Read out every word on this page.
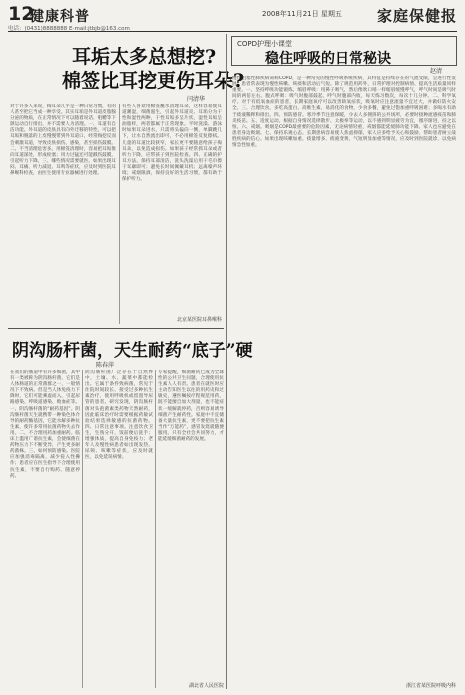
12
健康科普	2008年11月21日 星期五 家庭保健报
电话：(0431)8888888 E-mail:jtbjb@163.com
耳垢太多总想挖?
棉签比耳挖更伤耳朵?
闫清华
对于许多人来说，掏耳朵几乎是一种日常习惯，有的人甚至把它当成一种享受。其实耳垢是外耳道皮脂腺分泌的物质，在正常情况下可以随着说话、咀嚼等下颌运动自行排出，并不需要人为清理。一、耳道有自洁功能。外耳道的皮肤具有向外迁移的特性，可以把耳垢和脱落的上皮慢慢带到外耳道口，经常掏挖反而会刺激耳道，导致皮肤损伤、感染，甚至损伤鼓膜。二、不当清理危害多。用棉签清理时，容易把耳垢推向耳道深处，形成栓塞；用力过猛还可能戳伤鼓膜，引起听力下降。三、哪些情况需要就医。如果出现耳闷、耳痛、听力减退、耳鸣等症状，应及时到医院耳鼻喉科检查，由医生使用专业器械进行处理。
有些人喜欢用棉签蘸水清理耳朵，这样容易使耳道潮湿，细菌滋生，引起外耳道炎。耳垢分为干性和湿性两种，干性耳垢多呈片状，湿性耳垢呈油脂样，两者都属于正常现象。平时洗澡、游泳时如果耳朵进水，只需将头偏向一侧，单脚跳几下，让水自然流出即可，不必用棉签反复擦拭。儿童的耳道比较狭窄，家长更不要随意给孩子掏耳朵，以免造成损伤。如果孩子经常抓耳朵或者听力下降，应带孩子到医院检查。四、正确的护耳方法。保持耳部清洁，洗头洗澡后用干毛巾擦干耳廓即可；避免长时间佩戴耳机；远离噪声环境；戒烟限酒，保持良好的生活习惯，都有助于保护听力。
北京某医院耳鼻喉科
COPD护理小课堂
稳住呼吸的日常秘诀
赵清
慢性阻塞性肺疾病简称COPD，是一种常见的慢性呼吸系统疾病，其特征是持续存在的气流受限，呈进行性发展。患者常表现为慢性咳嗽、咳痰和活动后气短。除了规范用药外，日常护理对控制病情、提高生活质量同样重要。一、坚持呼吸功能锻炼。缩唇呼吸：用鼻子吸气，然后像吹口哨一样缩唇缓慢呼气，呼气时间是吸气时间的两倍左右。腹式呼吸：吸气时腹部鼓起，呼气时腹部内收，每天练习数次，每次十几分钟。二、科学氧疗。对于有低氧血症的患者，长期家庭氧疗可以改善缺氧症状，吸氧时应注意流量不宜过大，并做好防火安全。三、合理饮食。多吃高蛋白、高维生素、易消化的食物，少食多餐，避免过饱加重呼吸困难；多喝水有助于痰液稀释和排出。四、预防感冒。寒冷季节注意保暖，少去人多拥挤的公共场所，必要时接种流感疫苗和肺炎疫苗。五、适度运动。根据自身情况选择散步、太极拳等运动，以不感到明显疲劳为宜，循序渐进，持之以恒。六、戒烟。吸烟是COPD最重要的危险因素，无论病情轻重，戒烟都能延缓肺功能下降。家人也应避免在患者身边吸烟。七、保持乐观心态。长期患病容易使人焦虑抑郁，家人应多给予关心和鼓励，帮助患者树立战胜疾病的信心。如果出现咳嗽加重、痰量增多、痰液变黄、气短明显加重等情况，应及时到医院就诊，以免病情急性加重。
浙江省某医院呼吸内科
阴沟肠杆菌，天生耐药“底子”硬
陈春萍
在我们的肠道中有许多细菌，其中有一类被称为阴沟肠杆菌，它们是人体肠道的正常菌群之一，一般情况下不致病。但是当人体免疫力下降时，它们可能乘虚而入，引起尿路感染、呼吸道感染、败血症等。一、阴沟肠杆菌的“耐药基因”。阴沟肠杆菌天生就携带一种染色体介导的耐药酶基因，它能水解多种抗生素，使许多常用抗菌药物失去作用。二、不合理用药加重耐药。临床上滥用广谱抗生素，会使细菌在药物压力下不断变异，产生更多耐药菌株。三、如何预防感染。医院应加强消毒隔离，减少侵入性操作；患者应在医生指导下合理使用抗生素，不要自行购药、随意停药。
阴沟肠杆菌广泛存在于自然界中，土壤、水、蔬菜中都能检出。它属于条件致病菌，常见于住院时间较长、接受过多种抗生素治疗、使用呼吸机或留置导尿管的患者。研究发现，阴沟肠杆菌对头孢菌素类药物天然耐药，因此临床治疗时需要根据药敏试验结果选择敏感的抗菌药物。四、日常注意事项。注意饮食卫生，生熟分开，饭前便后洗手；增强体质，提高自身免疫力；老年人及慢性病患者如出现发热、尿频、咳嗽等症状，应及时就医，以免延误病情。
专家提醒，细菌耐药已成为全球性的公共卫生问题，合理使用抗生素人人有责。患者在就医时应主动告知医生以往的用药史和过敏史，遵医嘱按疗程规范用药，既不能擅自加大剂量，也不能症状一缓解就停药，否则容易诱导细菌产生耐药性。家庭中不宜储备大量抗生素，更不要把抗生素当作“万能药”，感冒发烧就随便服用。只有全社会共同努力，才能延缓细菌耐药的发展。
湖北省人民医院
